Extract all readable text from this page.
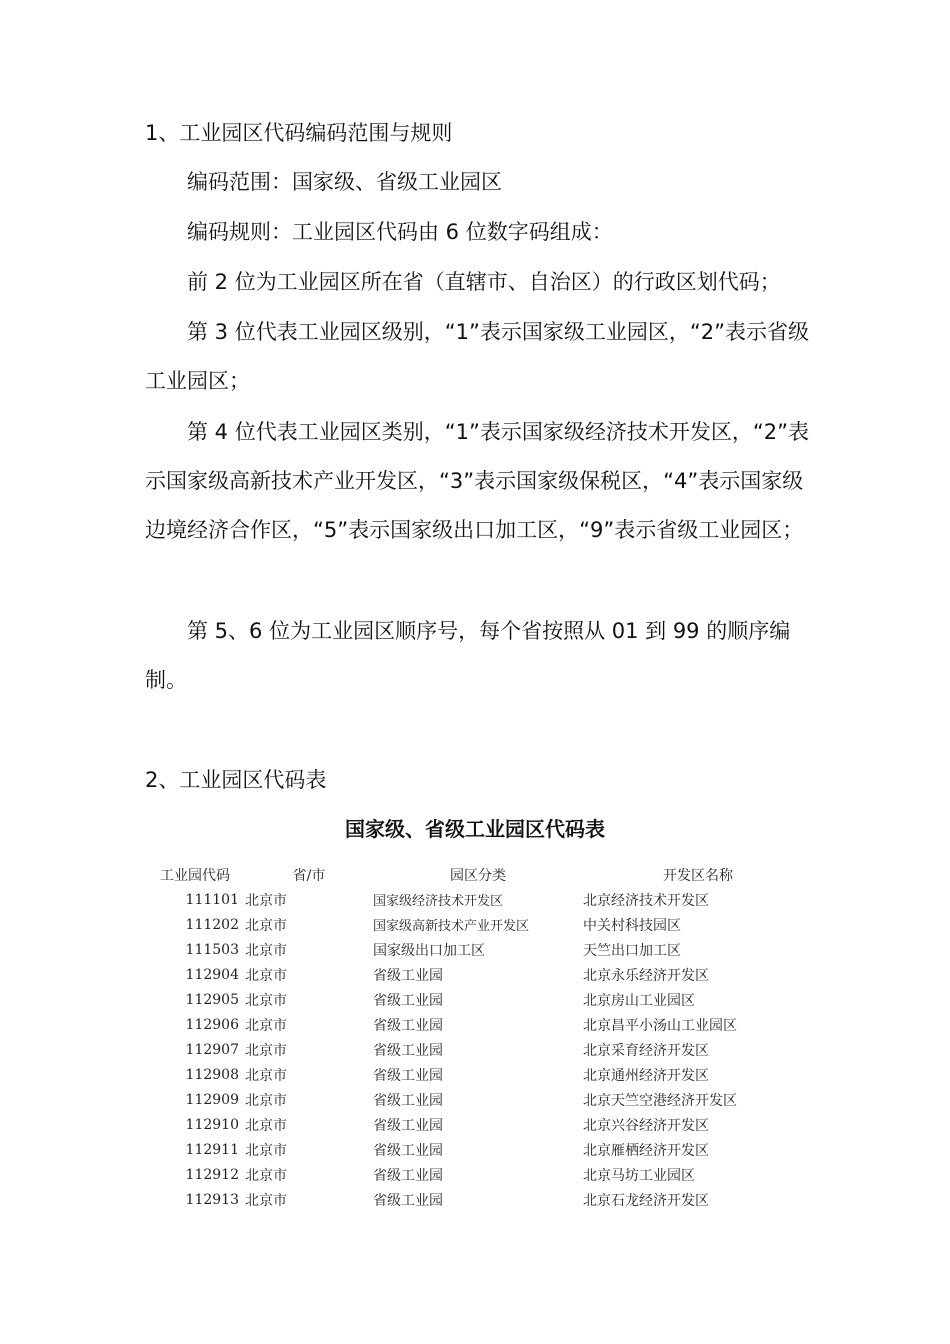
1、工业园区代码编码范围与规则

编码范围：国家级、省级工业园区

编码规则：工业园区代码由 6 位数字码组成：

前 2 位为工业园区所在省（直辖市、自治区）的行政区划代码；

第 3 位代表工业园区级别，“1”表示国家级工业园区，“2”表示省级工业园区；

第 4 位代表工业园区类别，“1”表示国家级经济技术开发区，“2”表示国家级高新技术产业开发区，“3”表示国家级保税区，“4”表示国家级边境经济合作区，“5”表示国家级出口加工区，“9”表示省级工业园区；

第 5、6 位为工业园区顺序号，每个省按照从 01 到 99 的顺序编制。

2、工业园区代码表

国家级、省级工业园区代码表

工业园代码	省/市	园区分类	开发区名称
111101	北京市	国家级经济技术开发区	北京经济技术开发区
111202	北京市	国家级高新技术产业开发区	中关村科技园区
111503	北京市	国家级出口加工区	天竺出口加工区
112904	北京市	省级工业园	北京永乐经济开发区
112905	北京市	省级工业园	北京房山工业园区
112906	北京市	省级工业园	北京昌平小汤山工业园区
112907	北京市	省级工业园	北京采育经济开发区
112908	北京市	省级工业园	北京通州经济开发区
112909	北京市	省级工业园	北京天竺空港经济开发区
112910	北京市	省级工业园	北京兴谷经济开发区
112911	北京市	省级工业园	北京雁栖经济开发区
112912	北京市	省级工业园	北京马坊工业园区
112913	北京市	省级工业园	北京石龙经济开发区
